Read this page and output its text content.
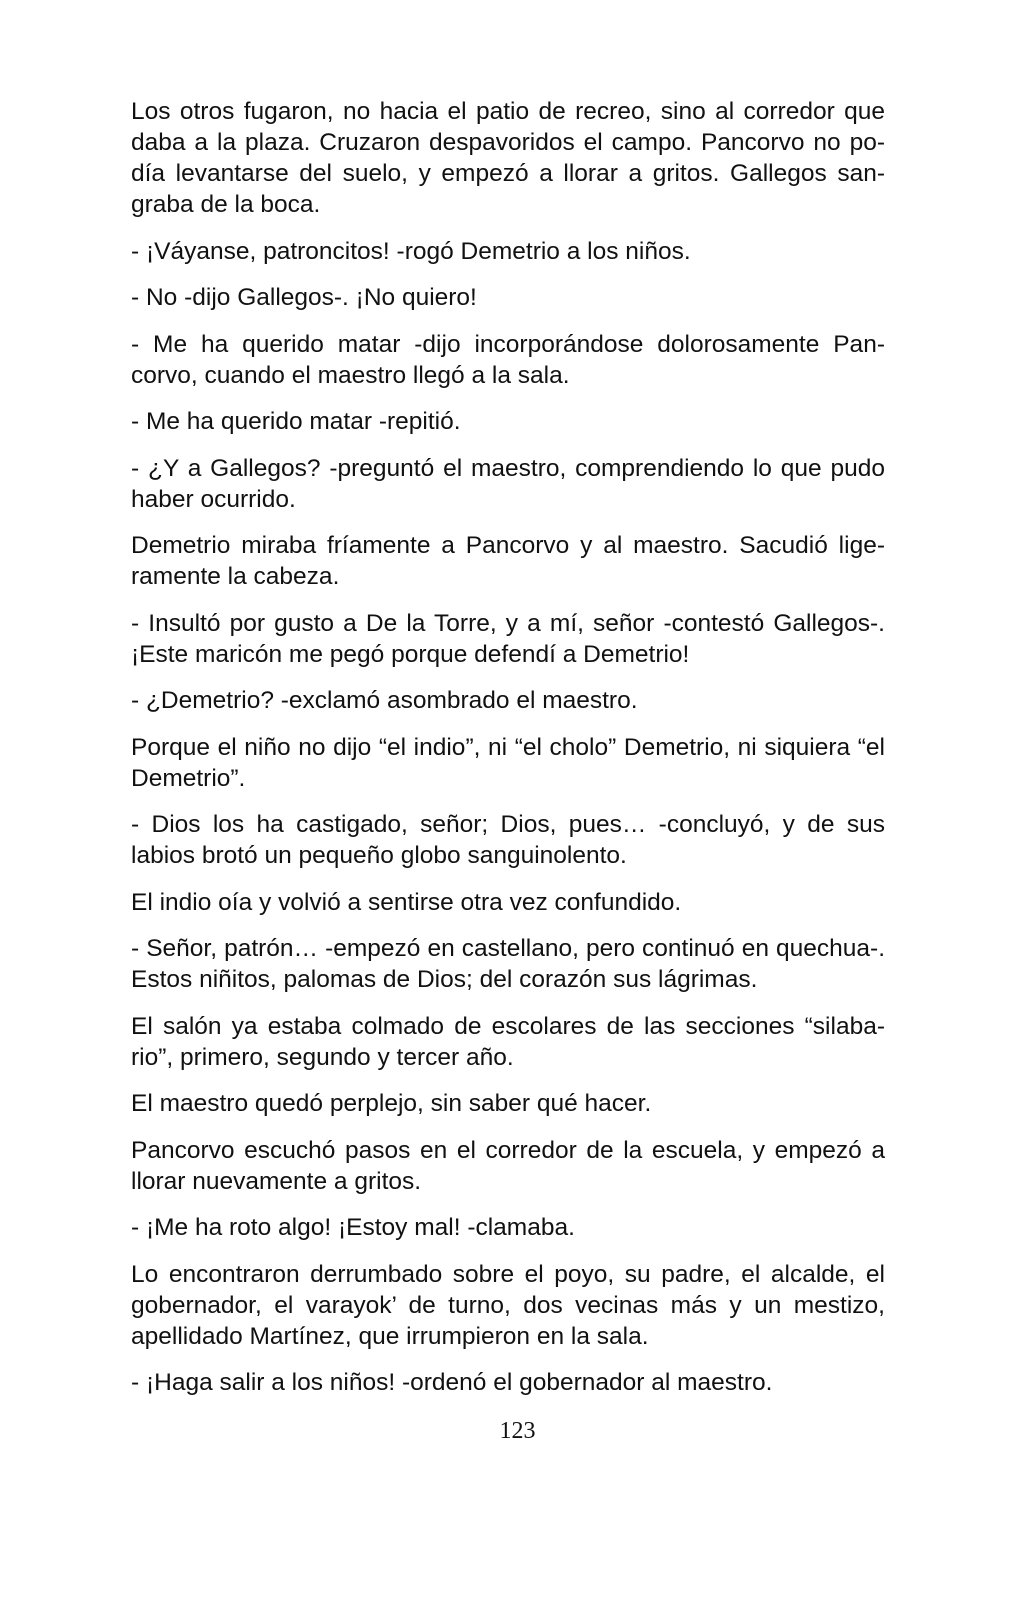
Los otros fugaron, no hacia el patio de recreo, sino al corredor que daba a la plaza. Cruzaron despavoridos el campo. Pancorvo no podía levantarse del suelo, y empezó a llorar a gritos. Gallegos sangraba de la boca.

- ¡Váyanse, patroncitos! -rogó Demetrio a los niños.

- No -dijo Gallegos-. ¡No quiero!

- Me ha querido matar -dijo incorporándose dolorosamente Pancorvo, cuando el maestro llegó a la sala.

- Me ha querido matar -repitió.

- ¿Y a Gallegos? -preguntó el maestro, comprendiendo lo que pudo haber ocurrido.

Demetrio miraba fríamente a Pancorvo y al maestro. Sacudió ligeramente la cabeza.

- Insultó por gusto a De la Torre, y a mí, señor -contestó Gallegos-. ¡Este maricón me pegó porque defendí a Demetrio!

- ¿Demetrio? -exclamó asombrado el maestro.

Porque el niño no dijo “el indio”, ni “el cholo” Demetrio, ni siquiera “el Demetrio”.

- Dios los ha castigado, señor; Dios, pues… -concluyó, y de sus labios brotó un pequeño globo sanguinolento.

El indio oía y volvió a sentirse otra vez confundido.

- Señor, patrón… -empezó en castellano, pero continuó en quechua-. Estos niñitos, palomas de Dios; del corazón sus lágrimas.

El salón ya estaba colmado de escolares de las secciones “silabario”, primero, segundo y tercer año.

El maestro quedó perplejo, sin saber qué hacer.

Pancorvo escuchó pasos en el corredor de la escuela, y empezó a llorar nuevamente a gritos.

- ¡Me ha roto algo! ¡Estoy mal! -clamaba.

Lo encontraron derrumbado sobre el poyo, su padre, el alcalde, el gobernador, el varayok’ de turno, dos vecinas más y un mestizo, apellidado Martínez, que irrumpieron en la sala.

- ¡Haga salir a los niños! -ordenó el gobernador al maestro.

123
